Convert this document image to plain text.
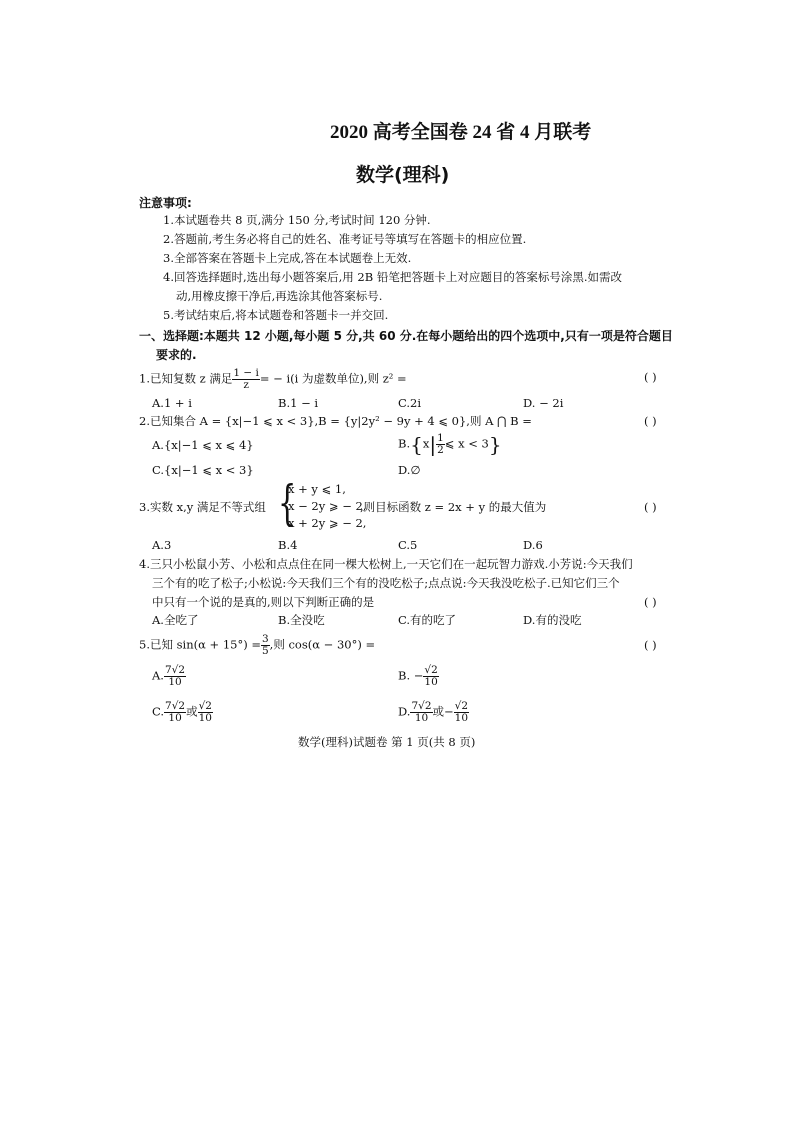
2020 高考全国卷 24 省 4 月联考
数学(理科)
注意事项:
1.本试题卷共 8 页,满分 150 分,考试时间 120 分钟.
2.答题前,考生务必将自己的姓名、准考证号等填写在答题卡的相应位置.
3.全部答案在答题卡上完成,答在本试题卷上无效.
4.回答选择题时,选出每小题答案后,用 2B 铅笔把答题卡上对应题目的答案标号涂黑.如需改
动,用橡皮擦干净后,再选涂其他答案标号.
5.考试结束后,将本试题卷和答题卡一并交回.
一、选择题:本题共 12 小题,每小题 5 分,共 60 分.在每小题给出的四个选项中,只有一项是符合题目
要求的.
1.已知复数 z 满足 $\frac{1 - i}{z}$ = − i(i 为虚数单位),则 z² =	( )
A.1 + i	B.1 − i	C.2i	D. − 2i
2.已知集合 A = {x|−1 ⩽ x < 3},B = {y|2y² − 9y + 4 ⩽ 0},则 A ⋂ B =	( )
A.{x|−1 ⩽ x ⩽ 4}	$B.\{x| \frac{1}{2}$ ⩽ x < 3}
C.{x|−1 ⩽ x < 3}	D.∅
3.实数 x,y 满足不等式组 {
x + y ⩽ 1,
x − 2y ⩾ − 2,
x + 2y ⩾ − 2,
,则目标函数 z = 2x + y 的最大值为	( )
A.3	B.4	C.5	D.6
4.三只小松鼠小芳、小松和点点住在同一棵大松树上,一天它们在一起玩智力游戏.小芳说:今天我们
三个有的吃了松子;小松说:今天我们三个有的没吃松子;点点说:今天我没吃松子.已知它们三个
中只有一个说的是真的,则以下判断正确的是	( )
A.全吃了	B.全没吃	C.有的吃了	D.有的没吃
5.已知 $\sin(\alpha + 15^\circ) = \frac{3}{5}$ ,则 cos(α − 30°) =	( )
A. $\frac{7√2}{10}$	B. − $\frac{√2}{10}$
C. $\frac{7√2}{10}$ 或 $\frac{√2}{10}$	D. $\frac{7√2}{10}$ 或− $\frac{√2}{10}$
数学(理科)试题卷 第 1 页(共 8 页)
